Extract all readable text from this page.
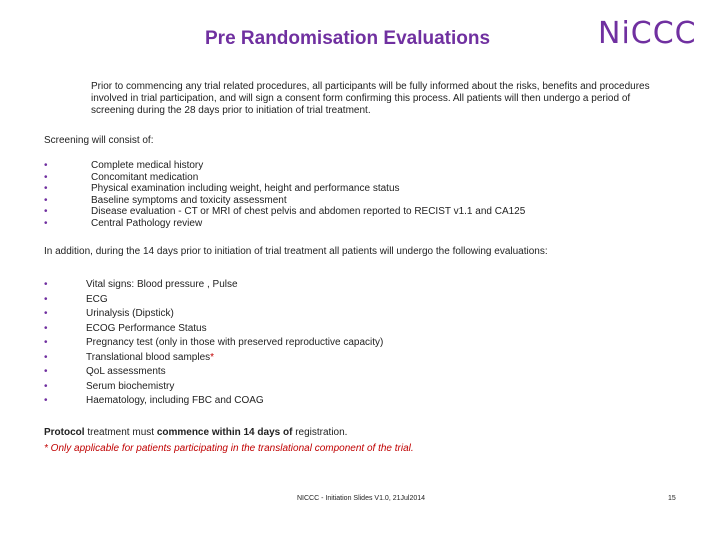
Pre Randomisation Evaluations	NiCCC
Prior to commencing any trial related procedures, all participants will be fully informed about the risks, benefits and procedures involved in trial participation, and will sign a consent form confirming this process. All patients will then undergo a period of screening during the 28 days prior to initiation of trial treatment.
Screening will consist of:
•	Complete medical history
•	Concomitant medication
•	Physical examination including weight, height and performance status
•	Baseline symptoms and toxicity assessment
•	Disease evaluation - CT or MRI of chest pelvis and abdomen reported to RECIST v1.1 and CA125
•	Central Pathology review
In addition, during the 14 days prior to initiation of trial treatment all patients will undergo the following evaluations:
•	Vital signs: Blood pressure , Pulse
•	ECG
•	Urinalysis (Dipstick)
•	ECOG Performance Status
•	Pregnancy test (only in those with preserved reproductive capacity)
•	Translational blood samples*
•	QoL assessments
•	Serum biochemistry
•	Haematology, including FBC and COAG
Protocol treatment must commence within 14 days of registration.
* Only applicable for patients participating in the translational component of the trial.
NICCC - Initiation Slides V1.0, 21Jul2014	15
